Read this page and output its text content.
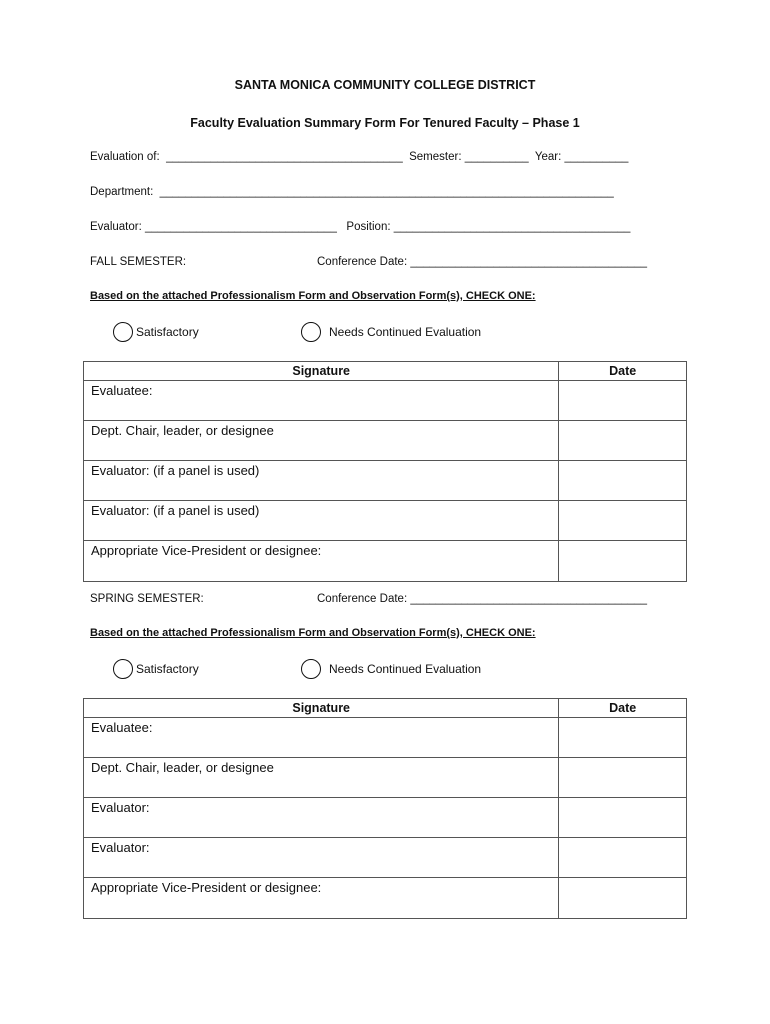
SANTA MONICA COMMUNITY COLLEGE DISTRICT
Faculty Evaluation Summary Form For Tenured Faculty – Phase 1
Evaluation of:  _____________________________________  Semester: __________  Year: __________
Department:  _______________________________________________________________________
Evaluator: ______________________________   Position: _____________________________________
FALL SEMESTER:	Conference Date: _____________________________________
Based on the attached Professionalism Form and Observation Form(s), CHECK ONE:
Satisfactory	Needs Continued Evaluation
Signature	Date
Evaluatee:	
Dept. Chair, leader, or designee	
Evaluator: (if a panel is used)	
Evaluator: (if a panel is used)	
Appropriate Vice-President or designee:	
SPRING SEMESTER:	Conference Date: _____________________________________
Based on the attached Professionalism Form and Observation Form(s), CHECK ONE:
Satisfactory	Needs Continued Evaluation
Signature	Date
Evaluatee:	
Dept. Chair, leader, or designee	
Evaluator:	
Evaluator:	
Appropriate Vice-President or designee:	
